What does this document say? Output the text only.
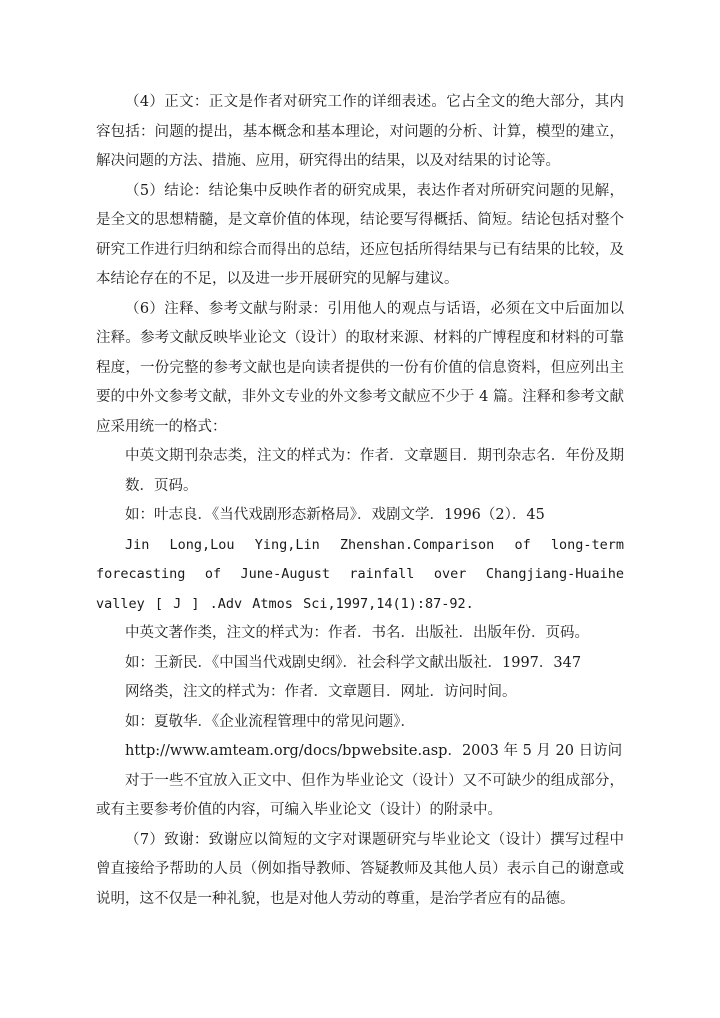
（4）正文：正文是作者对研究工作的详细表述。它占全文的绝大部分，其内容包括：问题的提出，基本概念和基本理论，对问题的分析、计算，模型的建立，解决问题的方法、措施、应用，研究得出的结果，以及对结果的讨论等。

（5）结论：结论集中反映作者的研究成果，表达作者对所研究问题的见解，是全文的思想精髓，是文章价值的体现，结论要写得概括、简短。结论包括对整个研究工作进行归纳和综合而得出的总结，还应包括所得结果与已有结果的比较，及本结论存在的不足，以及进一步开展研究的见解与建议。

（6）注释、参考文献与附录：引用他人的观点与话语，必须在文中后面加以注释。参考文献反映毕业论文（设计）的取材来源、材料的广博程度和材料的可靠程度，一份完整的参考文献也是向读者提供的一份有价值的信息资料，但应列出主要的中外文参考文献，非外文专业的外文参考文献应不少于 4 篇。注释和参考文献应采用统一的格式：

中英文期刊杂志类，注文的样式为：作者．文章题目．期刊杂志名．年份及期数．页码。

如：叶志良．《当代戏剧形态新格局》．戏剧文学．1996（2）．45

Jin Long,Lou Ying,Lin Zhenshan.Comparison of long-term forecasting of June-August rainfall over Changjiang-Huaihe valley [ J ] .Adv Atmos Sci,1997,14(1):87-92.

中英文著作类，注文的样式为：作者．书名．出版社．出版年份．页码。

如：王新民．《中国当代戏剧史纲》．社会科学文献出版社．1997．347

网络类，注文的样式为：作者．文章题目．网址．访问时间。

如：夏敬华．《企业流程管理中的常见问题》．

http://www.amteam.org/docs/bpwebsite.asp．2003 年 5 月 20 日访问

对于一些不宜放入正文中、但作为毕业论文（设计）又不可缺少的组成部分，或有主要参考价值的内容，可编入毕业论文（设计）的附录中。

（7）致谢：致谢应以简短的文字对课题研究与毕业论文（设计）撰写过程中曾直接给予帮助的人员（例如指导教师、答疑教师及其他人员）表示自己的谢意或说明，这不仅是一种礼貌，也是对他人劳动的尊重，是治学者应有的品德。
